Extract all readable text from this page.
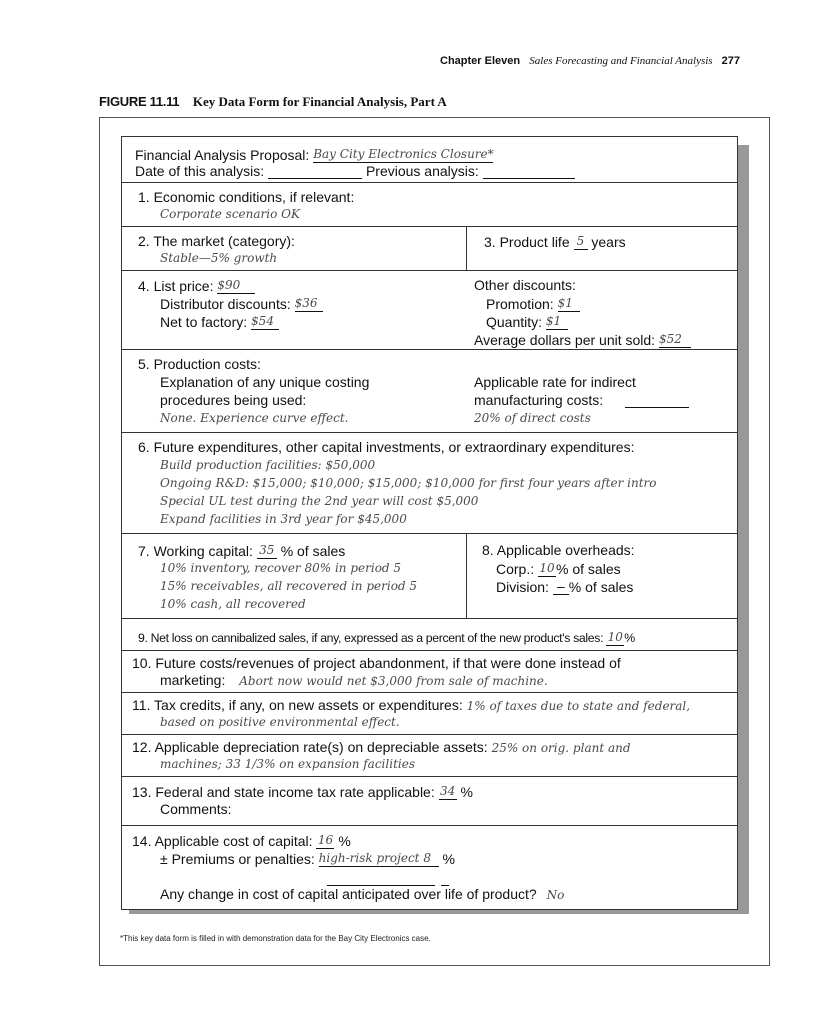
Chapter Eleven Sales Forecasting and Financial Analysis 277
FIGURE 11.11 Key Data Form for Financial Analysis, Part A
Financial Analysis Proposal: Bay City Electronics Closure*
Date of this analysis:	Previous analysis:
1. Economic conditions, if relevant:
Corporate scenario OK
2. The market (category):
Stable—5% growth
3. Product life 5 years
4. List price: $90
Distributor discounts: $36
Net to factory: $54
Other discounts:
Promotion: $1
Quantity: $1
Average dollars per unit sold: $52
5. Production costs:
Explanation of any unique costing
procedures being used:
None. Experience curve effect.
Applicable rate for indirect
manufacturing costs:
20% of direct costs
6. Future expenditures, other capital investments, or extraordinary expenditures:
Build production facilities: $50,000
Ongoing R&D: $15,000; $10,000; $15,000; $10,000 for first four years after intro
Special UL test during the 2nd year will cost $5,000
Expand facilities in 3rd year for $45,000
7. Working capital: 35 % of sales
10% inventory, recover 80% in period 5
15% receivables, all recovered in period 5
10% cash, all recovered
8. Applicable overheads:
Corp.: 10% of sales
Division: – % of sales
9. Net loss on cannibalized sales, if any, expressed as a percent of the new product's sales: 10%
10. Future costs/revenues of project abandonment, if that were done instead of
marketing: Abort now would net $3,000 from sale of machine.
11. Tax credits, if any, on new assets or expenditures: 1% of taxes due to state and federal,
based on positive environmental effect.
12. Applicable depreciation rate(s) on depreciable assets: 25% on orig. plant and
machines; 33 1/3% on expansion facilities
13. Federal and state income tax rate applicable: 34 %
Comments:
14. Applicable cost of capital: 16 %
± Premiums or penalties: high-risk project 8 %

Any change in cost of capital anticipated over life of product? No
*This key data form is filled in with demonstration data for the Bay City Electronics case.
